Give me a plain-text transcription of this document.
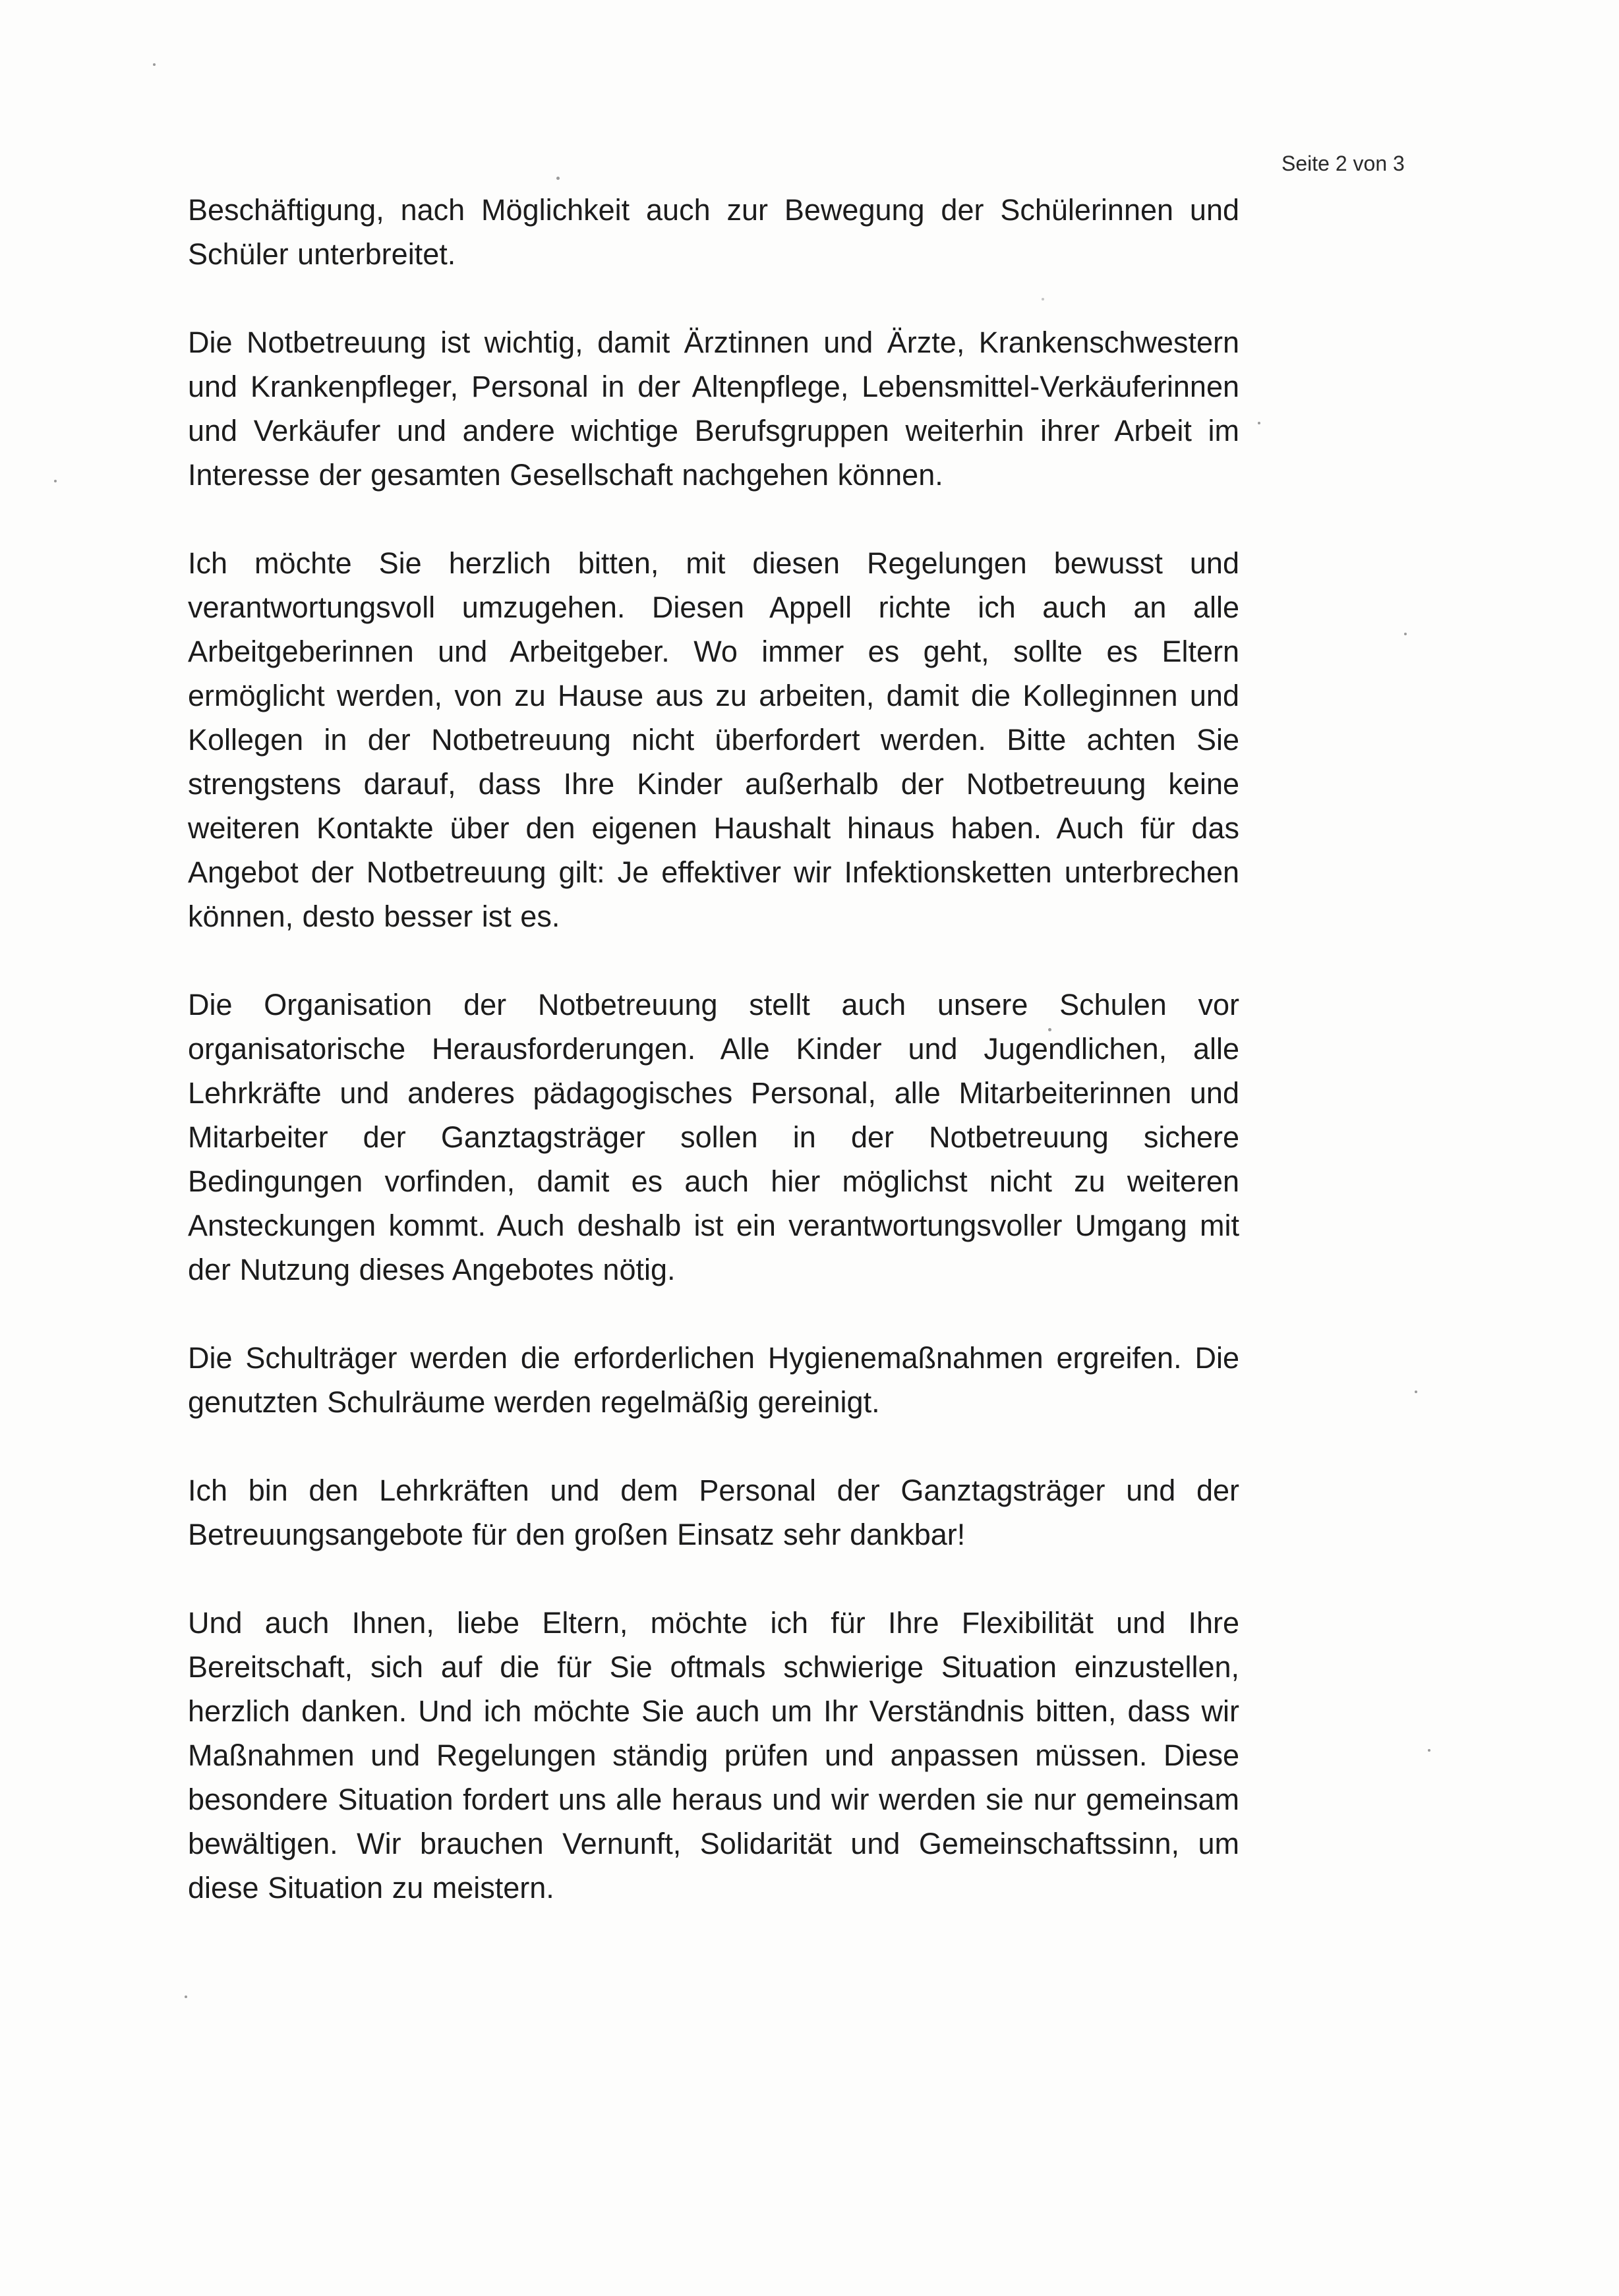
Seite 2 von 3

Beschäftigung, nach Möglichkeit auch zur Bewegung der Schülerinnen und Schüler unterbreitet.

Die Notbetreuung ist wichtig, damit Ärztinnen und Ärzte, Krankenschwestern und Krankenpfleger, Personal in der Altenpflege, Lebensmittel-Verkäuferinnen und Verkäufer und andere wichtige Berufsgruppen weiterhin ihrer Arbeit im Interesse der gesamten Gesellschaft nachgehen können.

Ich möchte Sie herzlich bitten, mit diesen Regelungen bewusst und verantwortungsvoll umzugehen. Diesen Appell richte ich auch an alle Arbeitgeberinnen und Arbeitgeber. Wo immer es geht, sollte es Eltern ermöglicht werden, von zu Hause aus zu arbeiten, damit die Kolleginnen und Kollegen in der Notbetreuung nicht überfordert werden. Bitte achten Sie strengstens darauf, dass Ihre Kinder außerhalb der Notbetreuung keine weiteren Kontakte über den eigenen Haushalt hinaus haben. Auch für das Angebot der Notbetreuung gilt: Je effektiver wir Infektionsketten unterbrechen können, desto besser ist es.

Die Organisation der Notbetreuung stellt auch unsere Schulen vor organisatorische Herausforderungen. Alle Kinder und Jugendlichen, alle Lehrkräfte und anderes pädagogisches Personal, alle Mitarbeiterinnen und Mitarbeiter der Ganztagsträger sollen in der Notbetreuung sichere Bedingungen vorfinden, damit es auch hier möglichst nicht zu weiteren Ansteckungen kommt. Auch deshalb ist ein verantwortungsvoller Umgang mit der Nutzung dieses Angebotes nötig.

Die Schulträger werden die erforderlichen Hygienemaßnahmen ergreifen. Die genutzten Schulräume werden regelmäßig gereinigt.

Ich bin den Lehrkräften und dem Personal der Ganztagsträger und der Betreuungsangebote für den großen Einsatz sehr dankbar!

Und auch Ihnen, liebe Eltern, möchte ich für Ihre Flexibilität und Ihre Bereitschaft, sich auf die für Sie oftmals schwierige Situation einzustellen, herzlich danken. Und ich möchte Sie auch um Ihr Verständnis bitten, dass wir Maßnahmen und Regelungen ständig prüfen und anpassen müssen. Diese besondere Situation fordert uns alle heraus und wir werden sie nur gemeinsam bewältigen. Wir brauchen Vernunft, Solidarität und Gemeinschaftssinn, um diese Situation zu meistern.
